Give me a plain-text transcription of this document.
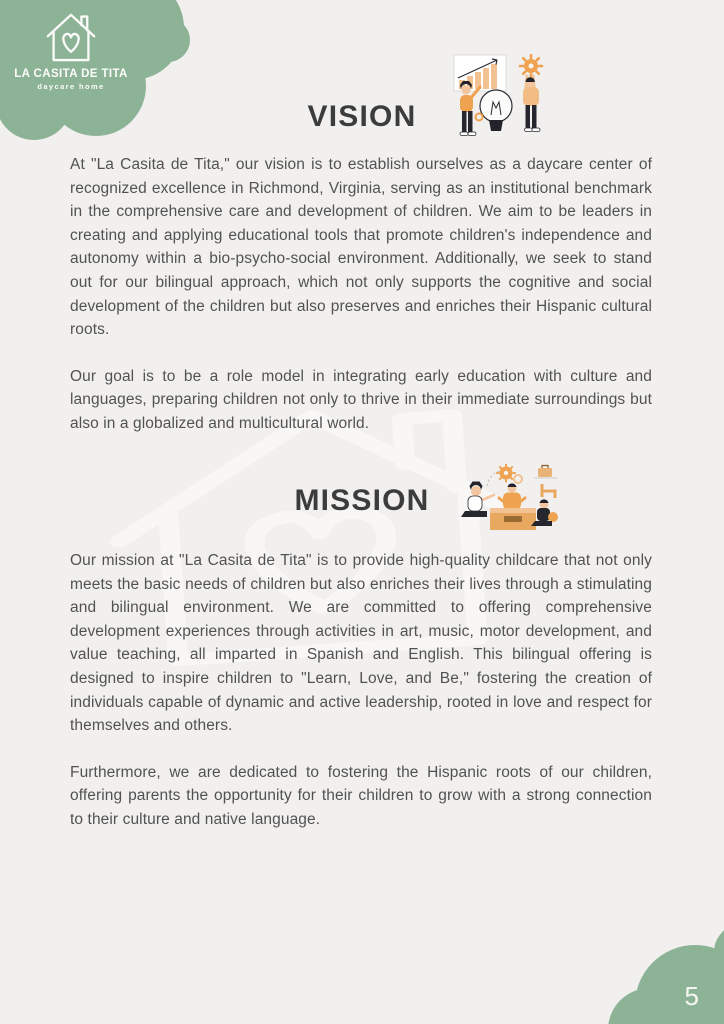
LA CASITA DE TITA
daycare home
VISION

At "La Casita de Tita," our vision is to establish ourselves as a daycare center of recognized excellence in Richmond, Virginia, serving as an institutional benchmark in the comprehensive care and development of children. We aim to be leaders in creating and applying educational tools that promote children's independence and autonomy within a bio-psycho-social environment. Additionally, we seek to stand out for our bilingual approach, which not only supports the cognitive and social development of the children but also preserves and enriches their Hispanic cultural roots.

Our goal is to be a role model in integrating early education with culture and languages, preparing children not only to thrive in their immediate surroundings but also in a globalized and multicultural world.

MISSION

Our mission at "La Casita de Tita" is to provide high-quality childcare that not only meets the basic needs of children but also enriches their lives through a stimulating and bilingual environment. We are committed to offering comprehensive development experiences through activities in art, music, motor development, and value teaching, all imparted in Spanish and English. This bilingual offering is designed to inspire children to "Learn, Love, and Be," fostering the creation of individuals capable of dynamic and active leadership, rooted in love and respect for themselves and others.

Furthermore, we are dedicated to fostering the Hispanic roots of our children, offering parents the opportunity for their children to grow with a strong connection to their culture and native language.

5
